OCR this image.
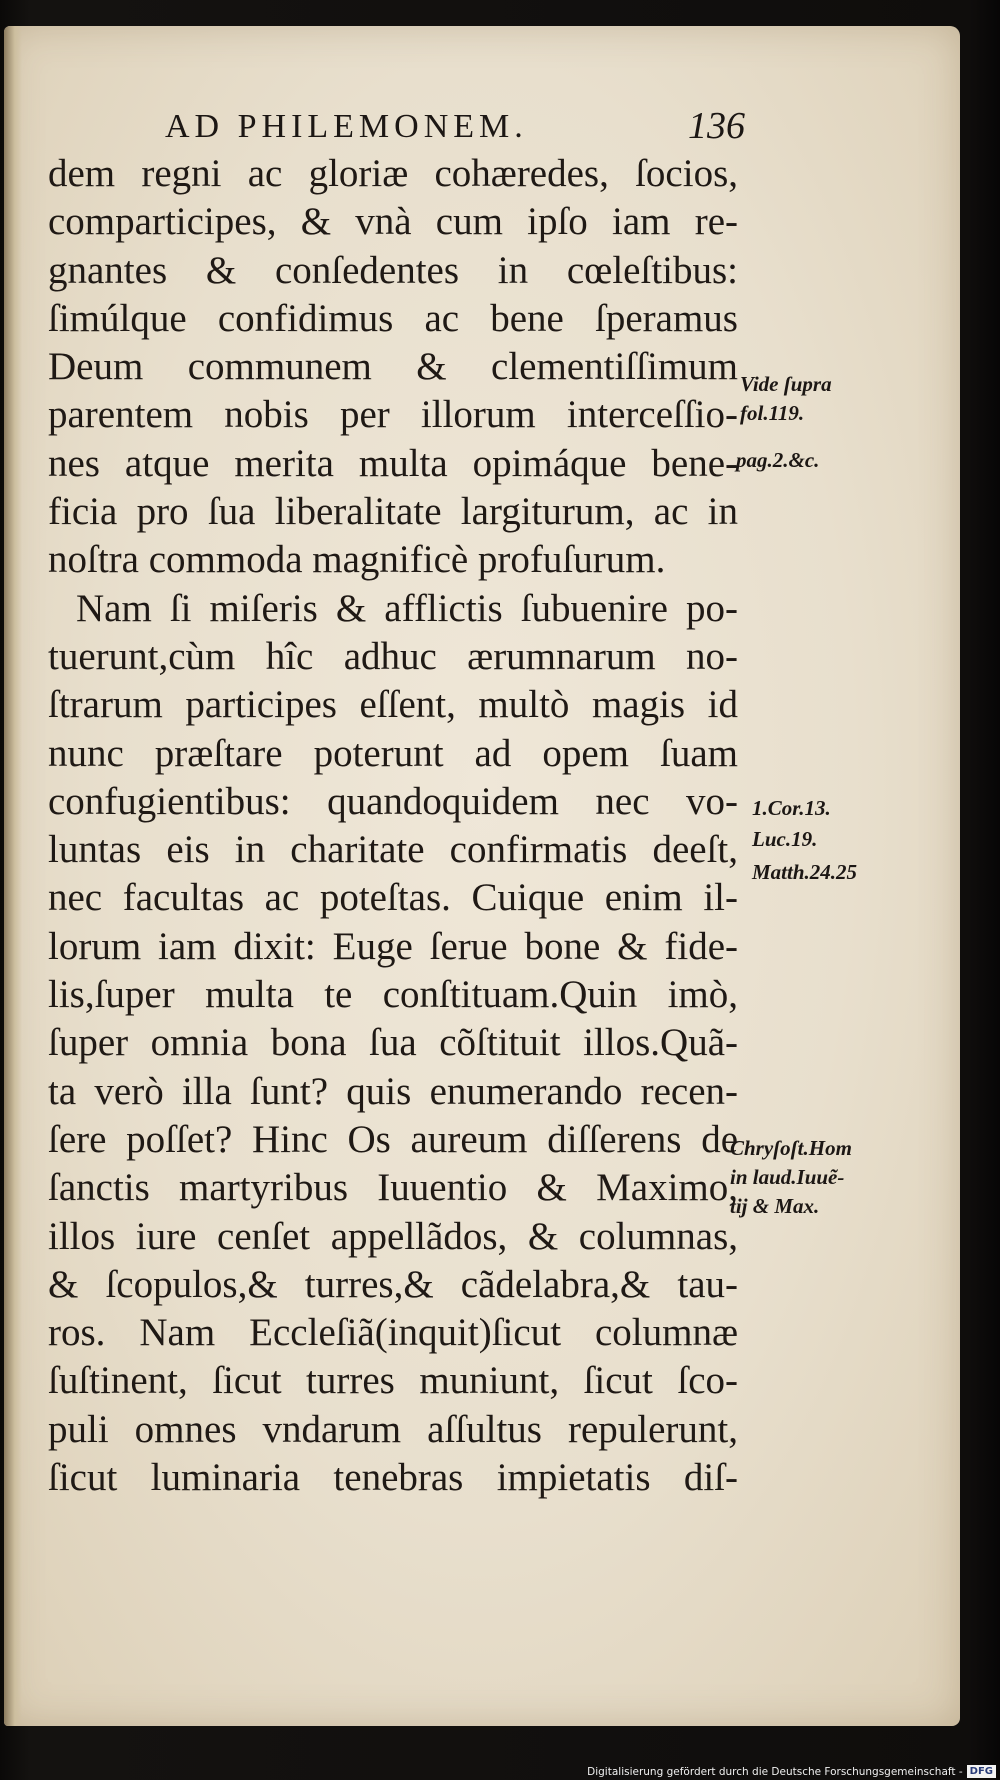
AD PHILEMONEM.	136
dem regni ac gloriæ cohæredes, ſocios,
comparticipes, & vnà cum ipſo iam re-
gnantes & conſedentes in cœleſtibus:
ſimúlque confidimus ac bene ſperamus
Deum communem & clementiſſimum
parentem nobis per illorum interceſſio-
nes atque merita multa opimáque bene-
ficia pro ſua liberalitate largiturum, ac in
noſtra commoda magnificè profuſurum.
Nam ſi miſeris & afflictis ſubuenire po-
tuerunt,cùm hîc adhuc ærumnarum no-
ſtrarum participes eſſent, multò magis id
nunc præſtare poterunt ad opem ſuam
confugientibus: quandoquidem nec vo-
luntas eis in charitate confirmatis deeſt,
nec facultas ac poteſtas. Cuique enim il-
lorum iam dixit: Euge ſerue bone & fide-
lis,ſuper multa te conſtituam.Quin imò,
ſuper omnia bona ſua cõſtituit illos.Quã-
ta verò illa ſunt? quis enumerando recen-
ſere poſſet? Hinc Os aureum diſſerens de
ſanctis martyribus Iuuentio & Maximo,
illos iure cenſet appellãdos, & columnas,
& ſcopulos,& turres,& cãdelabra,& tau-
ros. Nam Eccleſiã(inquit)ſicut columnæ
ſuſtinent, ſicut turres muniunt, ſicut ſco-
puli omnes vndarum aſſultus repulerunt,
ſicut luminaria tenebras impietatis diſ-
Vide ſupra
fol.119.
pag.2.&c.
1.Cor.13.
Luc.19.
Matth.24.25
Chryſoſt.Hom
in laud.Iuuẽ-
tij & Max.
Digitalisierung gefördert durch die Deutsche Forschungsgemeinschaft - DFG
